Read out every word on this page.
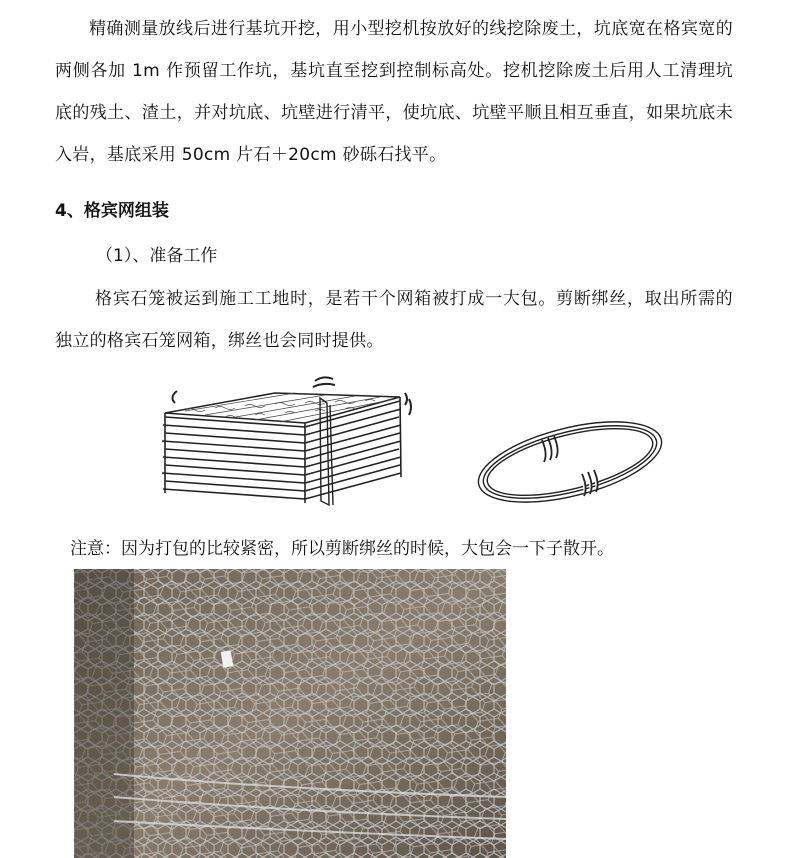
精确测量放线后进行基坑开挖，用小型挖机按放好的线挖除废土，坑底宽在格宾宽的两侧各加 1m 作预留工作坑，基坑直至挖到控制标高处。挖机挖除废土后用人工清理坑底的残土、渣土，并对坑底、坑壁进行清平，使坑底、坑壁平顺且相互垂直，如果坑底未入岩，基底采用 50cm 片石＋20cm 砂砾石找平。
4、格宾网组装
（1）、准备工作
格宾石笼被运到施工工地时，是若干个网箱被打成一大包。剪断绑丝，取出所需的独立的格宾石笼网箱，绑丝也会同时提供。
注意：因为打包的比较紧密，所以剪断绑丝的时候，大包会一下子散开。
